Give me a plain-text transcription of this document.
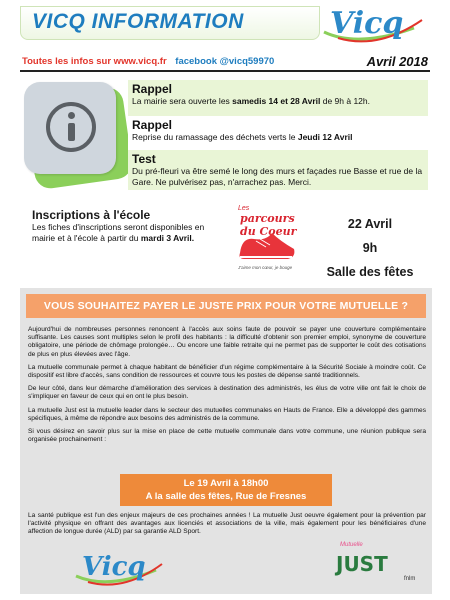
VICQ INFORMATION	Vicq
Toutes les infos sur www.vicq.fr facebook @vicq59970	Avril 2018
Rappel

La mairie sera ouverte les samedis 14 et 28 Avril de 9h à 12h.

Rappel

Reprise du ramassage des déchets verts le Jeudi 12 Avril

Test

Du pré-fleuri va être semé le long des murs et façades rue Basse et rue de la Gare. Ne pulvérisez pas, n'arrachez pas. Merci.

Inscriptions à l'école

Les fiches d'inscriptions seront disponibles en mairie et à l'école à partir du mardi 3 Avril.

Les
parcours du Coeur
J'aime mon cœur, je bouge
22 Avril
9h
Salle des fêtes
VOUS SOUHAITEZ PAYER LE JUSTE PRIX POUR VOTRE MUTUELLE ?

Aujourd'hui de nombreuses personnes renoncent à l'accès aux soins faute de pouvoir se payer une couverture complémentaire suffisante. Les causes sont multiples selon le profil des habitants : la difficulté d'obtenir son premier emploi, synonyme de couverture obligatoire, une période de chômage prolongée… Ou encore une faible retraite qui ne permet pas de supporter le coût des cotisations de plus en plus élevées avec l'âge.

La mutuelle communale permet à chaque habitant de bénéficier d'un régime complémentaire à la Sécurité Sociale à moindre coût. Ce dispositif est libre d'accès, sans condition de ressources et couvre tous les postes de dépense santé traditionnels.

De leur côté, dans leur démarche d'amélioration des services à destination des administrés, les élus de votre ville ont fait le choix de s'impliquer en faveur de ceux qui en ont le plus besoin.

La mutuelle Just est la mutuelle leader dans le secteur des mutuelles communales en Hauts de France. Elle a développé des gammes spécifiques, à même de répondre aux besoins des administrés de la commune.

Si vous désirez en savoir plus sur la mise en place de cette mutuelle communale dans votre commune, une réunion publique sera organisée prochainement :

Le 19 Avril à 18h00
A la salle des fêtes, Rue de Fresnes
La santé publique est l'un des enjeux majeurs de ces prochaines années ! La mutuelle Just oeuvre également pour la prévention par l'activité physique en offrant des avantages aux licenciés et associations de la ville, mais également pour les bénéficiaires d'une affection de longue durée (ALD) par sa garantie ALD Sport.
Vicq
Mutuelle
JUST
fnlm
